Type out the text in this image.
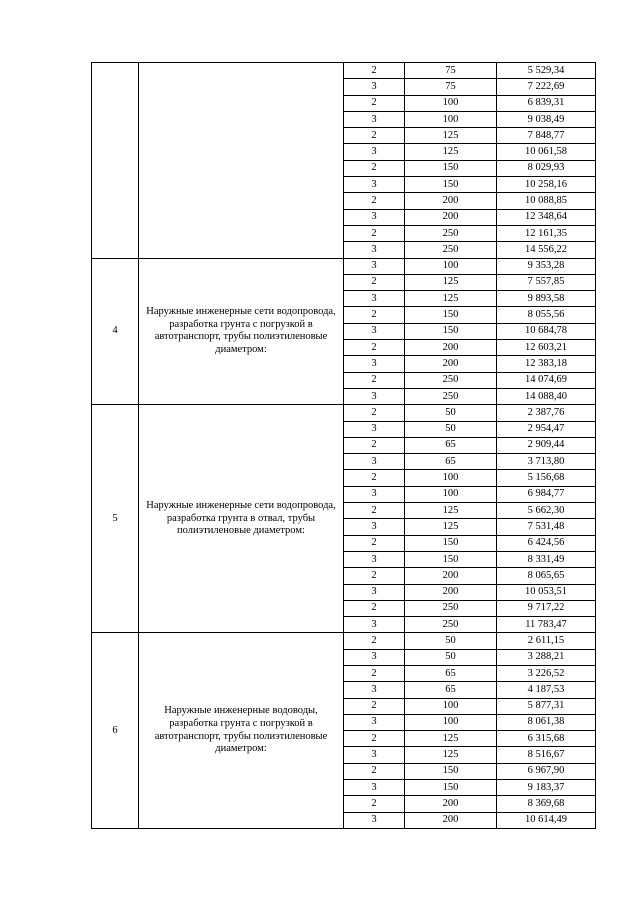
		2	75	5 529,34
		3	75	7 222,69
		2	100	6 839,31
		3	100	9 038,49
		2	125	7 848,77
		3	125	10 061,58
		2	150	8 029,93
		3	150	10 258,16
		2	200	10 088,85
		3	200	12 348,64
		2	250	12 161,35
		3	250	14 556,22
4	Наружные инженерные сети водопровода, разработка грунта с погрузкой в автотранспорт, трубы полиэтиленовые диаметром:	3	100	9 353,28
		2	125	7 557,85
		3	125	9 893,58
		2	150	8 055,56
		3	150	10 684,78
		2	200	12 603,21
		3	200	12 383,18
		2	250	14 074,69
		3	250	14 088,40
5	Наружные инженерные сети водопровода, разработка грунта в отвал, трубы полиэтиленовые диаметром:	2	50	2 387,76
		3	50	2 954,47
		2	65	2 909,44
		3	65	3 713,80
		2	100	5 156,68
		3	100	6 984,77
		2	125	5 662,30
		3	125	7 531,48
		2	150	6 424,56
		3	150	8 331,49
		2	200	8 065,65
		3	200	10 053,51
		2	250	9 717,22
		3	250	11 783,47
6	Наружные инженерные водоводы, разработка грунта с погрузкой в автотранспорт, трубы полиэтиленовые диаметром:	2	50	2 611,15
		3	50	3 288,21
		2	65	3 226,52
		3	65	4 187,53
		2	100	5 877,31
		3	100	8 061,38
		2	125	6 315,68
		3	125	8 516,67
		2	150	6 967,90
		3	150	9 183,37
		2	200	8 369,68
		3	200	10 614,49
